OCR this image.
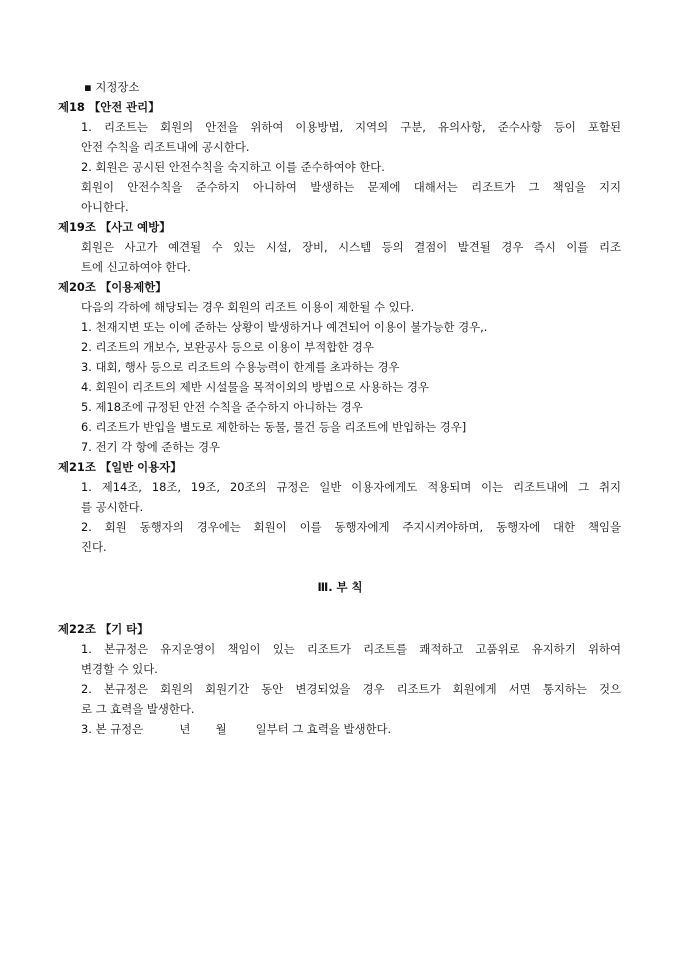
▪ 지정장소
제18 【안전 관리】
1. 리조트는 회원의 안전을 위하여 이용방법, 지역의 구분, 유의사항, 준수사항 등이 포함된
안전 수칙을 리조트내에 공시한다.
2. 회원은 공시된 안전수칙을 숙지하고 이를 준수하여야 한다.
회원이 안전수칙을 준수하지 아니하여 발생하는 문제에 대해서는 리조트가 그 책임을 지지
아니한다.
제19조 【사고 예방】
회원은 사고가 예견될 수 있는 시설, 장비, 시스템 등의 결점이 발견될 경우 즉시 이를 리조
트에 신고하여야 한다.
제20조 【이용제한】
다음의 각하에 해당되는 경우 회원의 리조트 이용이 제한될 수 있다.
1. 천재지변 또는 이에 준하는 상황이 발생하거나 예견되어 이용이 불가능한 경우,.
2. 리조트의 개보수, 보완공사 등으로 이용이 부적합한 경우
3. 대회, 행사 등으로 리조트의 수용능력이 한계를 초과하는 경우
4. 회원이 리조트의 제반 시설물을 목적이외의 방법으로 사용하는 경우
5. 제18조에 규정된 안전 수칙을 준수하지 아니하는 경우
6. 리조트가 반입을 별도로 제한하는 동물, 물건 등을 리조트에 반입하는 경우]
7. 전기 각 항에 준하는 경우
제21조 【일반 이용자】
1. 제14조, 18조, 19조, 20조의 규정은 일반 이용자에게도 적용되며 이는 리조트내에 그 취지
를 공시한다.
2. 회원 동행자의 경우에는 회원이 이를 동행자에게 주지시켜야하며, 동행자에 대한 책임을
진다.
Ⅲ. 부 칙
제22조 【기 타】
1. 본규정은 유지운영이 책임이 있는 리조트가 리조트를 쾌적하고 고품위로 유지하기 위하여
변경할 수 있다.
2. 본규정은 회원의 회원기간 동안 변경되었을 경우 리조트가 회원에게 서면 통지하는 것으
로 그 효력을 발생한다.
3. 본 규정은          년       월        일부터 그 효력을 발생한다.
